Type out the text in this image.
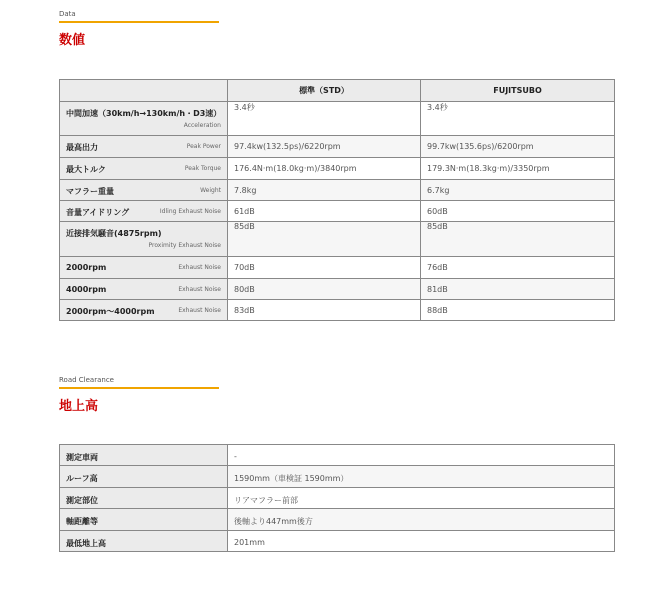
Data
数値
	標準（STD）	FUJITSUBO

中間加速（30km/h→130km/h・D3速）
Acceleration	3.4秒	3.4秒

最高出力 Peak Power	97.4kw(132.5ps)/6220rpm	99.7kw(135.6ps)/6200rpm

最大トルク Peak Torque	176.4N·m(18.0kg·m)/3840rpm	179.3N·m(18.3kg·m)/3350rpm

マフラー重量 Weight	7.8kg	6.7kg

音量アイドリング Idling Exhaust Noise	61dB	60dB

近接排気騒音(4875rpm)
Proximity Exhaust Noise	85dB	85dB

2000rpm Exhaust Noise	70dB	76dB

4000rpm Exhaust Noise	80dB	81dB

2000rpm〜4000rpm Exhaust Noise	83dB	88dB
Road Clearance
地上高
測定車両	-
ルーフ高	1590mm（車検証 1590mm）
測定部位	リアマフラー前部
軸距離等	後軸より447mm後方
最低地上高	201mm
